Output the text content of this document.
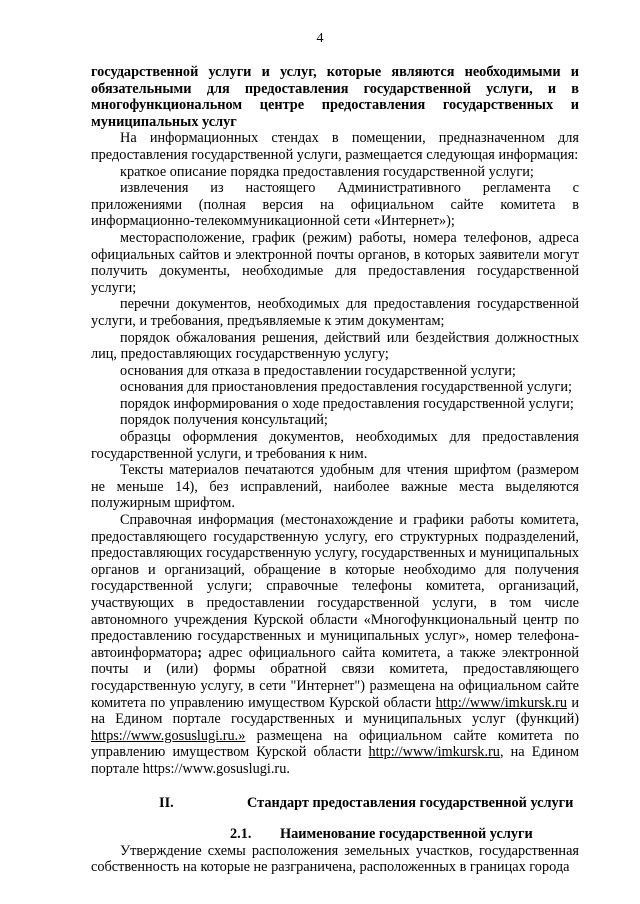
4

государственной услуги и услуг, которые являются необходимыми и обязательными для предоставления государственной услуги, и в многофункциональном центре предоставления государственных и муниципальных услуг

На информационных стендах в помещении, предназначенном для предоставления государственной услуги, размещается следующая информация:

краткое описание порядка предоставления государственной услуги;

извлечения из настоящего Административного регламента с приложениями (полная версия на официальном сайте комитета в информационно-телекоммуникационной сети «Интернет»);

месторасположение, график (режим) работы, номера телефонов, адреса официальных сайтов и электронной почты органов, в которых заявители могут получить документы, необходимые для предоставления государственной услуги;

перечни документов, необходимых для предоставления государственной услуги, и требования, предъявляемые к этим документам;

порядок обжалования решения, действий или бездействия должностных лиц, предоставляющих государственную услугу;

основания для отказа в предоставлении государственной услуги;

основания для приостановления предоставления государственной услуги;

порядок информирования о ходе предоставления государственной услуги;

порядок получения консультаций;

образцы оформления документов, необходимых для предоставления государственной услуги, и требования к ним.

Тексты материалов печатаются удобным для чтения шрифтом (размером не меньше 14), без исправлений, наиболее важные места выделяются полужирным шрифтом.

Справочная информация (местонахождение и графики работы комитета, предоставляющего государственную услугу, его структурных подразделений, предоставляющих государственную услугу, государственных и муниципальных органов и организаций, обращение в которые необходимо для получения государственной услуги; справочные телефоны комитета, организаций, участвующих в предоставлении государственной услуги, в том числе автономного учреждения Курской области «Многофункциональный центр по предоставлению государственных и муниципальных услуг», номер телефона-автоинформатора; адрес официального сайта комитета, а также электронной почты и (или) формы обратной связи комитета, предоставляющего государственную услугу, в сети "Интернет") размещена на официальном сайте комитета по управлению имуществом Курской области http://www/imkursk.ru и на Едином портале государственных и муниципальных услуг (функций) https://www.gosuslugi.ru.» размещена на официальном сайте комитета по управлению имуществом Курской области http://www/imkursk.ru, на Едином портале https://www.gosuslugi.ru.

II.	Стандарт предоставления государственной услуги
2.1.	Наименование государственной услуги

Утверждение схемы расположения земельных участков, государственная собственность на которые не разграничена, расположенных в границах города
